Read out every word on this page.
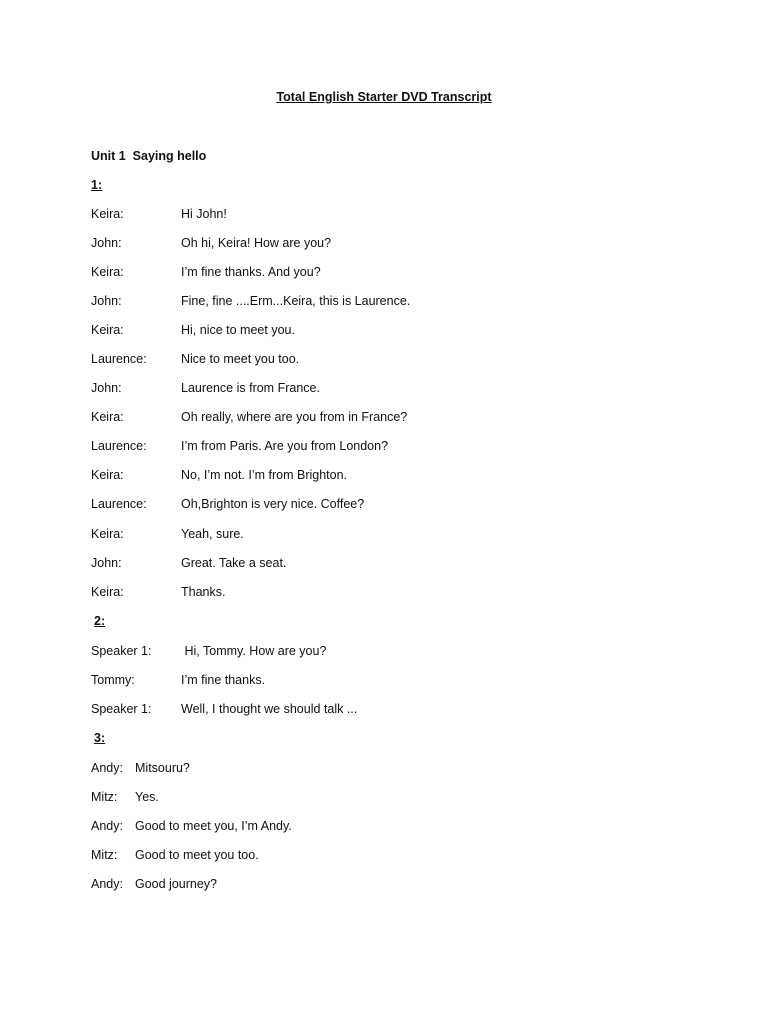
Total English Starter DVD Transcript
Unit 1  Saying hello
1:
Keira:	Hi John!
John:	Oh hi, Keira! How are you?
Keira:	I’m fine thanks. And you?
John:	Fine, fine ....Erm...Keira, this is Laurence.
Keira:	Hi, nice to meet you.
Laurence:	Nice to meet you too.
John:	Laurence is from France.
Keira:	Oh really, where are you from in France?
Laurence:	I’m from Paris. Are you from London?
Keira:	No, I’m not. I’m from Brighton.
Laurence:	Oh,Brighton is very nice. Coffee?
Keira:	Yeah, sure.
John:	Great. Take a seat.
Keira:	Thanks.
2:
Speaker 1: Hi, Tommy. How are you?
Tommy:	I’m fine thanks.
Speaker 1: Well, I thought we should talk ...
3:
Andy: Mitsouru?
Mitz: Yes.
Andy: Good to meet you, I’m Andy.
Mitz: Good to meet you too.
Andy: Good journey?
